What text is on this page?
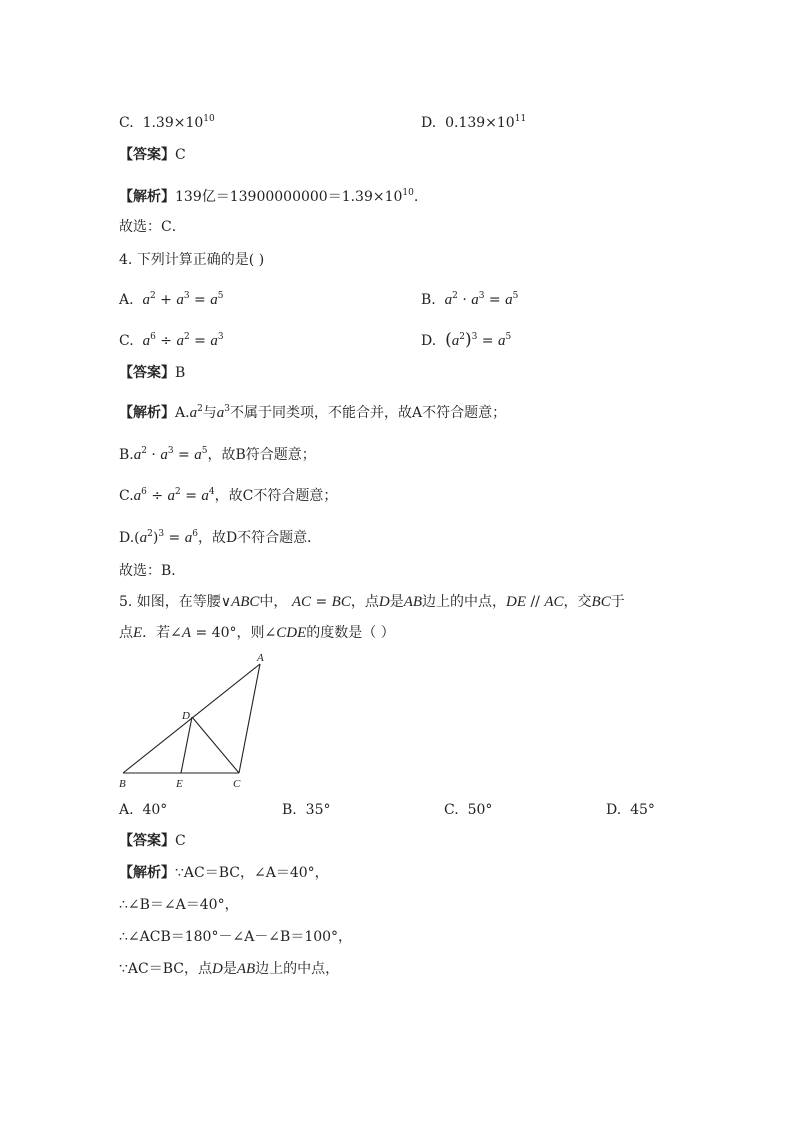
C. $1.39\times 10^{10}$	D. $0.139\times 10^{11}$
【答案】C
【解析】139亿$=13900000000=1.39\times 10^{10}$.
故选：C．
4. 下列计算正确的是( )
A. $a^2 + a^3 = a^5$	B. $a^2 \cdot a^3 = a^5$
C. $a^6 \div a^2 = a^3$	D. $(a^2)^3 = a^5$
【答案】B
【解析】$A.a^2$与$a^3$不属于同类项，不能合并，故A不符合题意；
$B.a^2 \cdot a^3 = a^5$，故B符合题意；
$C.a^6 \div a^2 = a^4$，故C不符合题意；
$D.(a^2)^3 = a^6$，故D不符合题意．
故选：B．
5. 如图，在等腰∨ABC中， AC = BC，点D是AB边上的中点，DE // AC，交BC于
点E．若∠A = 40°，则∠CDE的度数是（ ）
A
D
B	E	C
A. 40°	B. 35°	C. 50°	D. 45°
【答案】C
【解析】∵AC＝BC，∠A＝40°，
∴∠B＝∠A＝40°，
∴∠ACB＝180°－∠A－∠B＝100°，
∵AC＝BC，点D是AB边上的中点，
